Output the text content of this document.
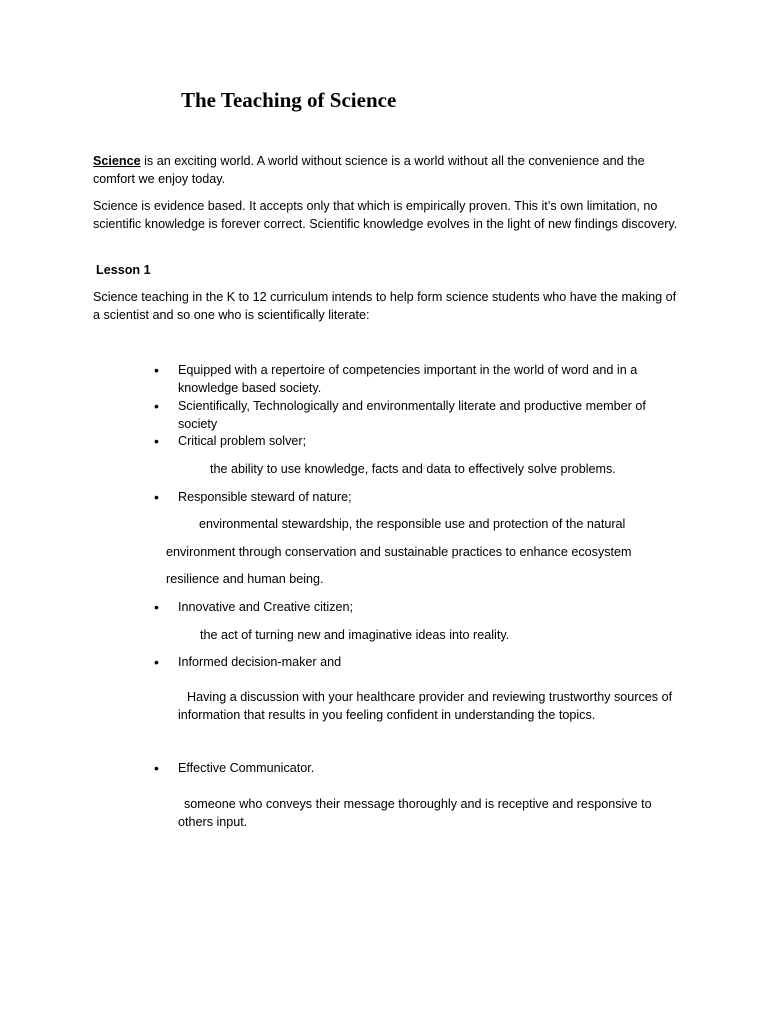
The Teaching of Science
Science is an exciting world. A world without science is a world without all the convenience and the comfort we enjoy today.
Science is evidence based. It accepts only that which is empirically proven. This it’s own limitation, no scientific knowledge is forever correct. Scientific knowledge evolves in the light of new findings discovery.
Lesson 1
Science teaching in the K to 12 curriculum intends to help form science students who have the making of a scientist and so one who is scientifically literate:
• Equipped with a repertoire of competencies important in the world of word and in a knowledge based society.
• Scientifically, Technologically and environmentally literate and productive member of society
• Critical problem solver;
the ability to use knowledge, facts and data to effectively solve problems.
• Responsible steward of nature;
environmental stewardship, the responsible use and protection of the natural
environment through conservation and sustainable practices to enhance ecosystem
resilience and human being.
• Innovative and Creative citizen;
the act of turning new and imaginative ideas into reality.
• Informed decision-maker and
Having a discussion with your healthcare provider and reviewing trustworthy sources of information that results in you feeling confident in understanding the topics.
• Effective Communicator.
someone who conveys their message thoroughly and is receptive and responsive to others input.
